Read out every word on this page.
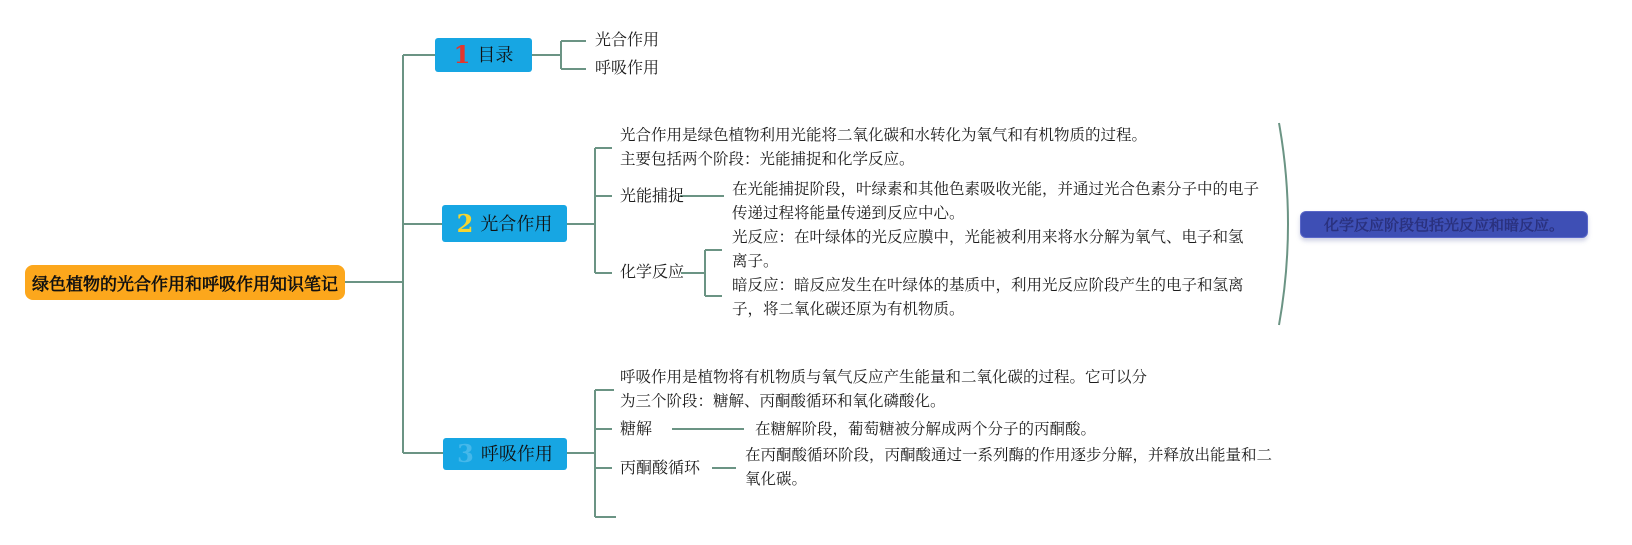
绿色植物的光合作用和呼吸作用知识笔记
1 目录
光合作用
呼吸作用
2 光合作用
光合作用是绿色植物利用光能将二氧化碳和水转化为氧气和有机物质的过程。主要包括两个阶段：光能捕捉和化学反应。
光能捕捉	在光能捕捉阶段，叶绿素和其他色素吸收光能，并通过光合色素分子中的电子传递过程将能量传递到反应中心。
化学反应
光反应：在叶绿体的光反应膜中，光能被利用来将水分解为氧气、电子和氢离子。
暗反应：暗反应发生在叶绿体的基质中，利用光反应阶段产生的电子和氢离子，将二氧化碳还原为有机物质。
化学反应阶段包括光反应和暗反应。
3 呼吸作用
呼吸作用是植物将有机物质与氧气反应产生能量和二氧化碳的过程。它可以分为三个阶段：糖解、丙酮酸循环和氧化磷酸化。
糖解	在糖解阶段，葡萄糖被分解成两个分子的丙酮酸。
丙酮酸循环
在丙酮酸循环阶段，丙酮酸通过一系列酶的作用逐步分解，并释放出能量和二氧化碳。
